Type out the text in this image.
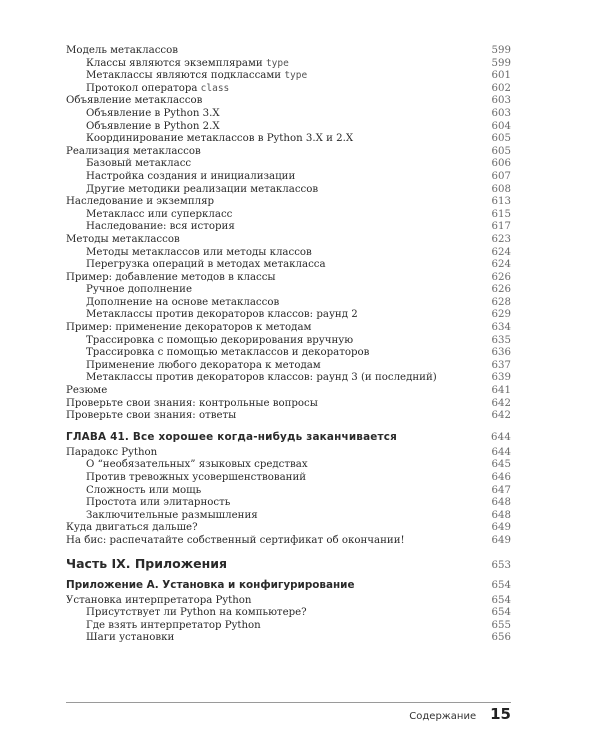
Модель метаклассов	599
Классы являются экземплярами type	599
Метаклассы являются подклассами type	601
Протокол оператора class	602
Объявление метаклассов	603
Объявление в Python 3.X	603
Объявление в Python 2.X	604
Координирование метаклассов в Python 3.X и 2.X	605
Реализация метаклассов	605
Базовый метакласс	606
Настройка создания и инициализации	607
Другие методики реализации метаклассов	608
Наследование и экземпляр	613
Метакласс или суперкласс	615
Наследование: вся история	617
Методы метаклассов	623
Методы метаклассов или методы классов	624
Перегрузка операций в методах метакласса	624
Пример: добавление методов в классы	626
Ручное дополнение	626
Дополнение на основе метаклассов	628
Метаклассы против декораторов классов: раунд 2	629
Пример: применение декораторов к методам	634
Трассировка с помощью декорирования вручную	635
Трассировка с помощью метаклассов и декораторов	636
Применение любого декоратора к методам	637
Метаклассы против декораторов классов: раунд 3 (и последний)	639
Резюме	641
Проверьте свои знания: контрольные вопросы	642
Проверьте свои знания: ответы	642
ГЛАВА 41. Все хорошее когда-нибудь заканчивается	644
Парадокс Python	644
О “необязательных” языковых средствах	645
Против тревожных усовершенствований	646
Сложность или мощь	647
Простота или элитарность	648
Заключительные размышления	648
Куда двигаться дальше?	649
На бис: распечатайте собственный сертификат об окончании!	649
Часть IX. Приложения	653
Приложение А. Установка и конфигурирование	654
Установка интерпретатора Python	654
Присутствует ли Python на компьютере?	654
Где взять интерпретатор Python	655
Шаги установки	656
Содержание 15
